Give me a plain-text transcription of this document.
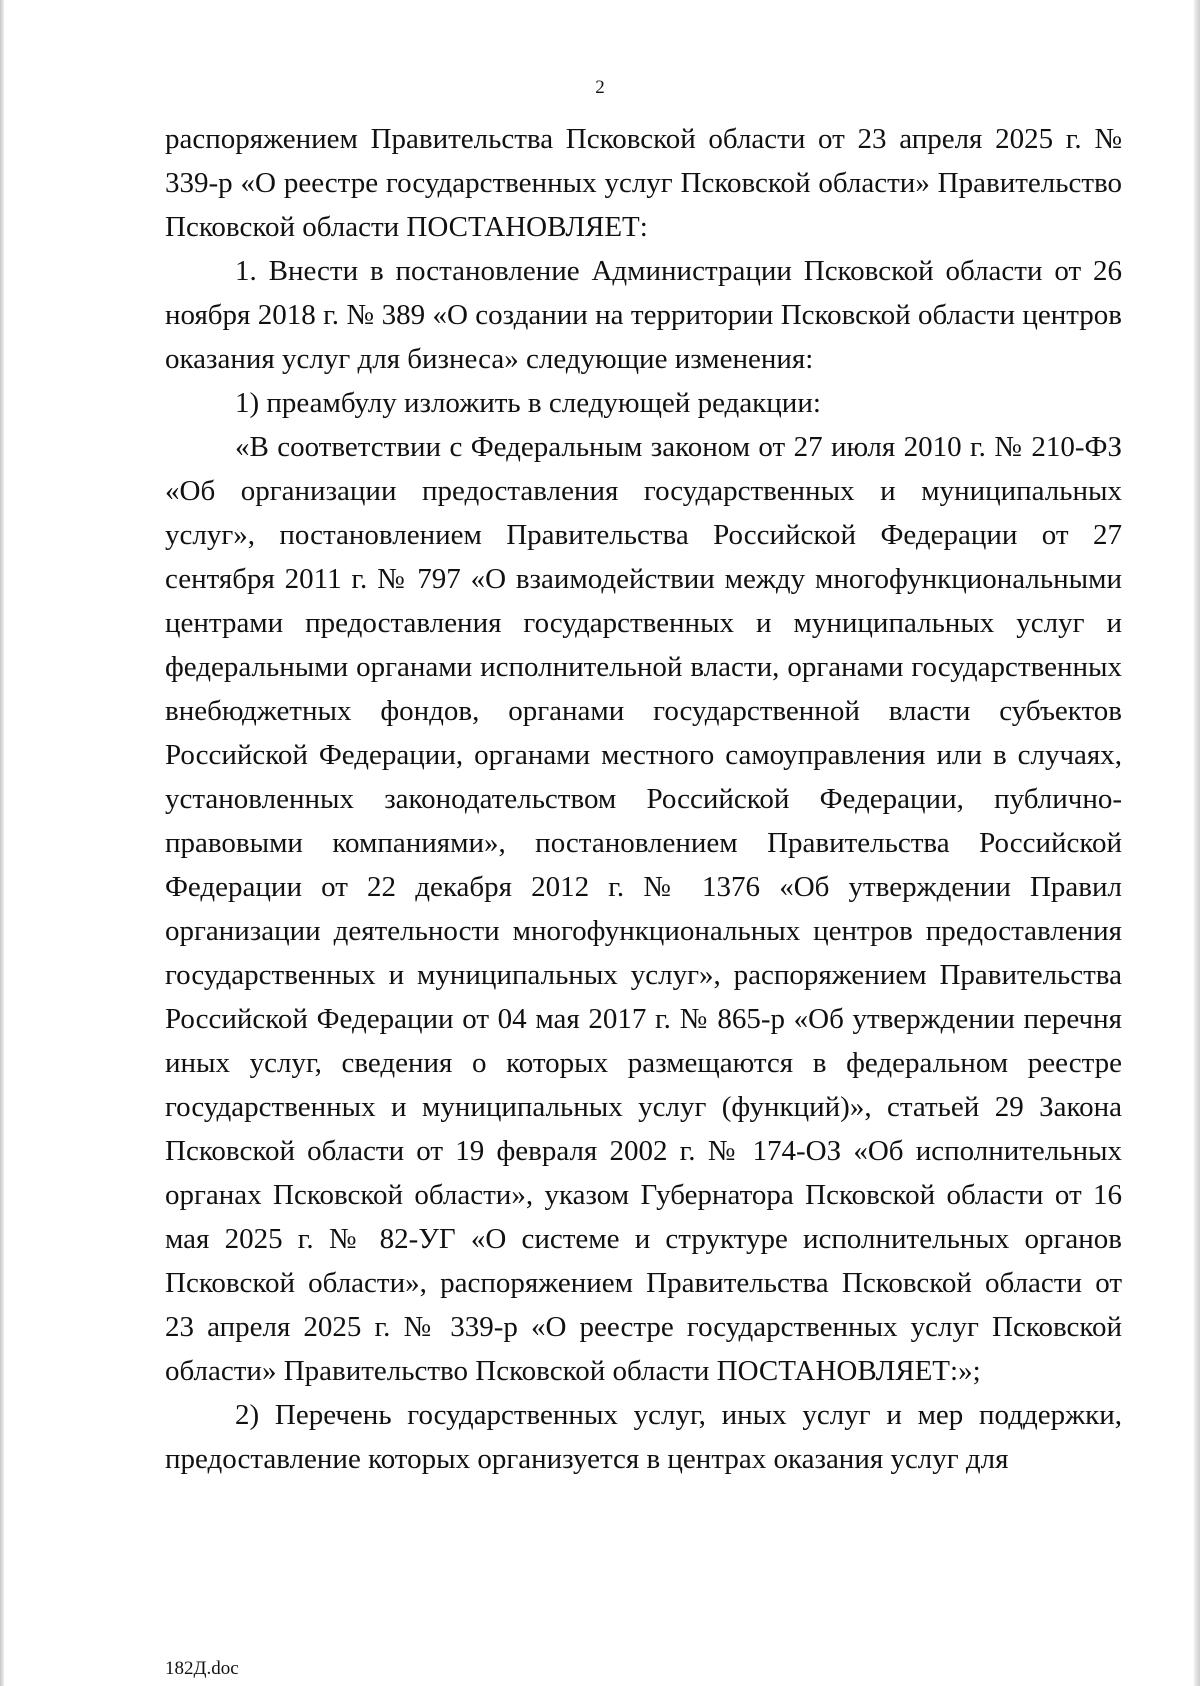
2

распоряжением Правительства Псковской области от 23 апреля 2025 г. № 339-р «О реестре государственных услуг Псковской области» Правительство Псковской области ПОСТАНОВЛЯЕТ:

1. Внести в постановление Администрации Псковской области от 26 ноября 2018 г. № 389 «О создании на территории Псковской области центров оказания услуг для бизнеса» следующие изменения:

1) преамбулу изложить в следующей редакции:

«В соответствии с Федеральным законом от 27 июля 2010 г. № 210-ФЗ «Об организации предоставления государственных и муниципальных услуг», постановлением Правительства Российской Федерации от 27 сентября 2011 г. № 797 «О взаимодействии между многофункциональными центрами предоставления государственных и муниципальных услуг и федеральными органами исполнительной власти, органами государственных внебюджетных фондов, органами государственной власти субъектов Российской Федерации, органами местного самоуправления или в случаях, установленных законодательством Российской Федерации, публично-правовыми компаниями», постановлением Правительства Российской Федерации от 22 декабря 2012 г. № 1376 «Об утверждении Правил организации деятельности многофункциональных центров предоставления государственных и муниципальных услуг», распоряжением Правительства Российской Федерации от 04 мая 2017 г. № 865-р «Об утверждении перечня иных услуг, сведения о которых размещаются в федеральном реестре государственных и муниципальных услуг (функций)», статьей 29 Закона Псковской области от 19 февраля 2002 г. № 174-ОЗ «Об исполнительных органах Псковской области», указом Губернатора Псковской области от 16 мая 2025 г. № 82-УГ «О системе и структуре исполнительных органов Псковской области», распоряжением Правительства Псковской области от 23 апреля 2025 г. № 339-р «О реестре государственных услуг Псковской области» Правительство Псковской области ПОСТАНОВЛЯЕТ:»;

2) Перечень государственных услуг, иных услуг и мер поддержки, предоставление которых организуется в центрах оказания услуг для

182Д.doc
